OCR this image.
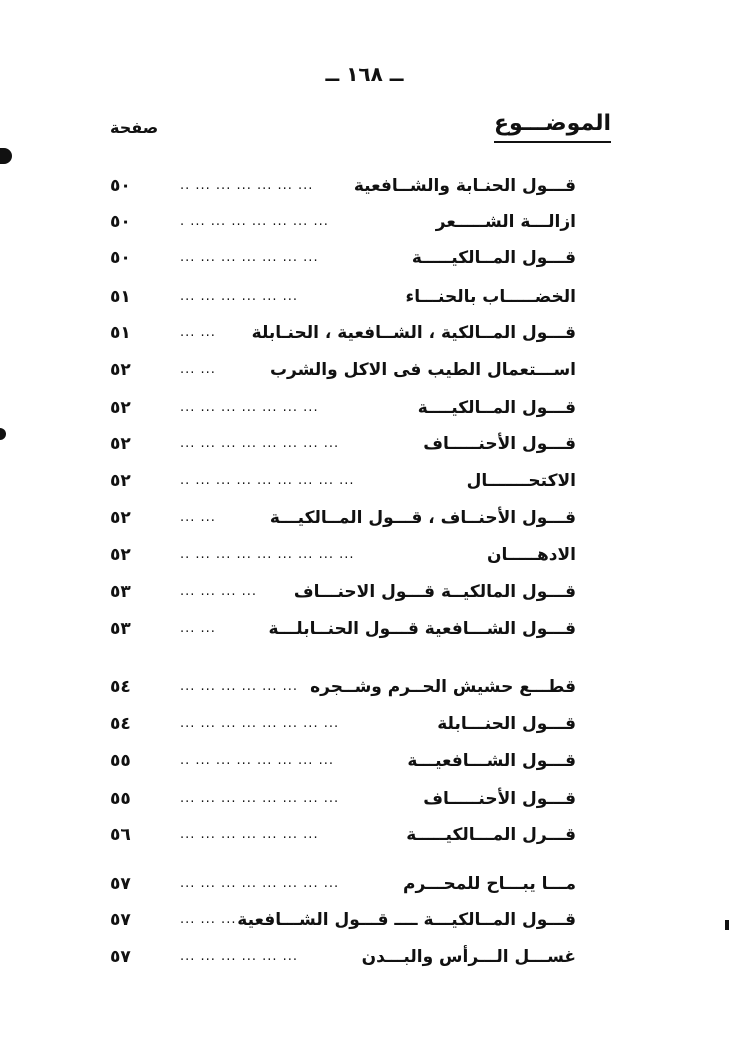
ــ ١٦٨ ــ
الموضـــوع
صفحة
قـــول الحنـابة والشــافعية
.. ... ... ... ... ... ...
٥٠
ازالـــة الشـــــعر
. ... ... ... ... ... ... ...
٥٠
قـــول المــالكيـــــة
... ... ... ... ... ... ...
٥٠
الخضـــــاب بالحنـــاء
... ... ... ... ... ...
٥١
قـــول المــالكية ، الشــافعية ، الحنـابلة
... ...
٥١
اســـتعمال الطيب فى الاكل والشرب
... ...
٥٢
قـــول المــالكيــــة
... ... ... ... ... ... ...
٥٢
قـــول الأحنـــــاف
... ... ... ... ... ... ... ...
٥٢
الاكتحـــــــال
.. ... ... ... ... ... ... ... ...
٥٢
قـــول الأحنــاف ، قـــول المــالكيـــة
... ...
٥٢
الادهـــــان
.. ... ... ... ... ... ... ... ...
٥٢
قـــول المالكيــة قـــول الاحنـــاف
... ... ... ...
٥٣
قـــول الشـــافعية قـــول الحنــابلـــة
... ...
٥٣
قطـــع حشيش الحــرم وشــجره
... ... ... ... ... ...
٥٤
قـــول الحنـــابلة
... ... ... ... ... ... ... ...
٥٤
قـــول الشـــافعيـــة
.. ... ... ... ... ... ... ...
٥٥
قـــول الأحنـــــاف
... ... ... ... ... ... ... ...
٥٥
قـــرل المـــالكيـــــة
... ... ... ... ... ... ...
٥٦
مـــا يبـــاح للمحـــرم
... ... ... ... ... ... ... ...
٥٧
قـــول المــالكيـــة ــــ قـــول الشـــافعية
... ... ...
٥٧
غســـل الـــرأس والبـــدن
... ... ... ... ... ...
٥٧
